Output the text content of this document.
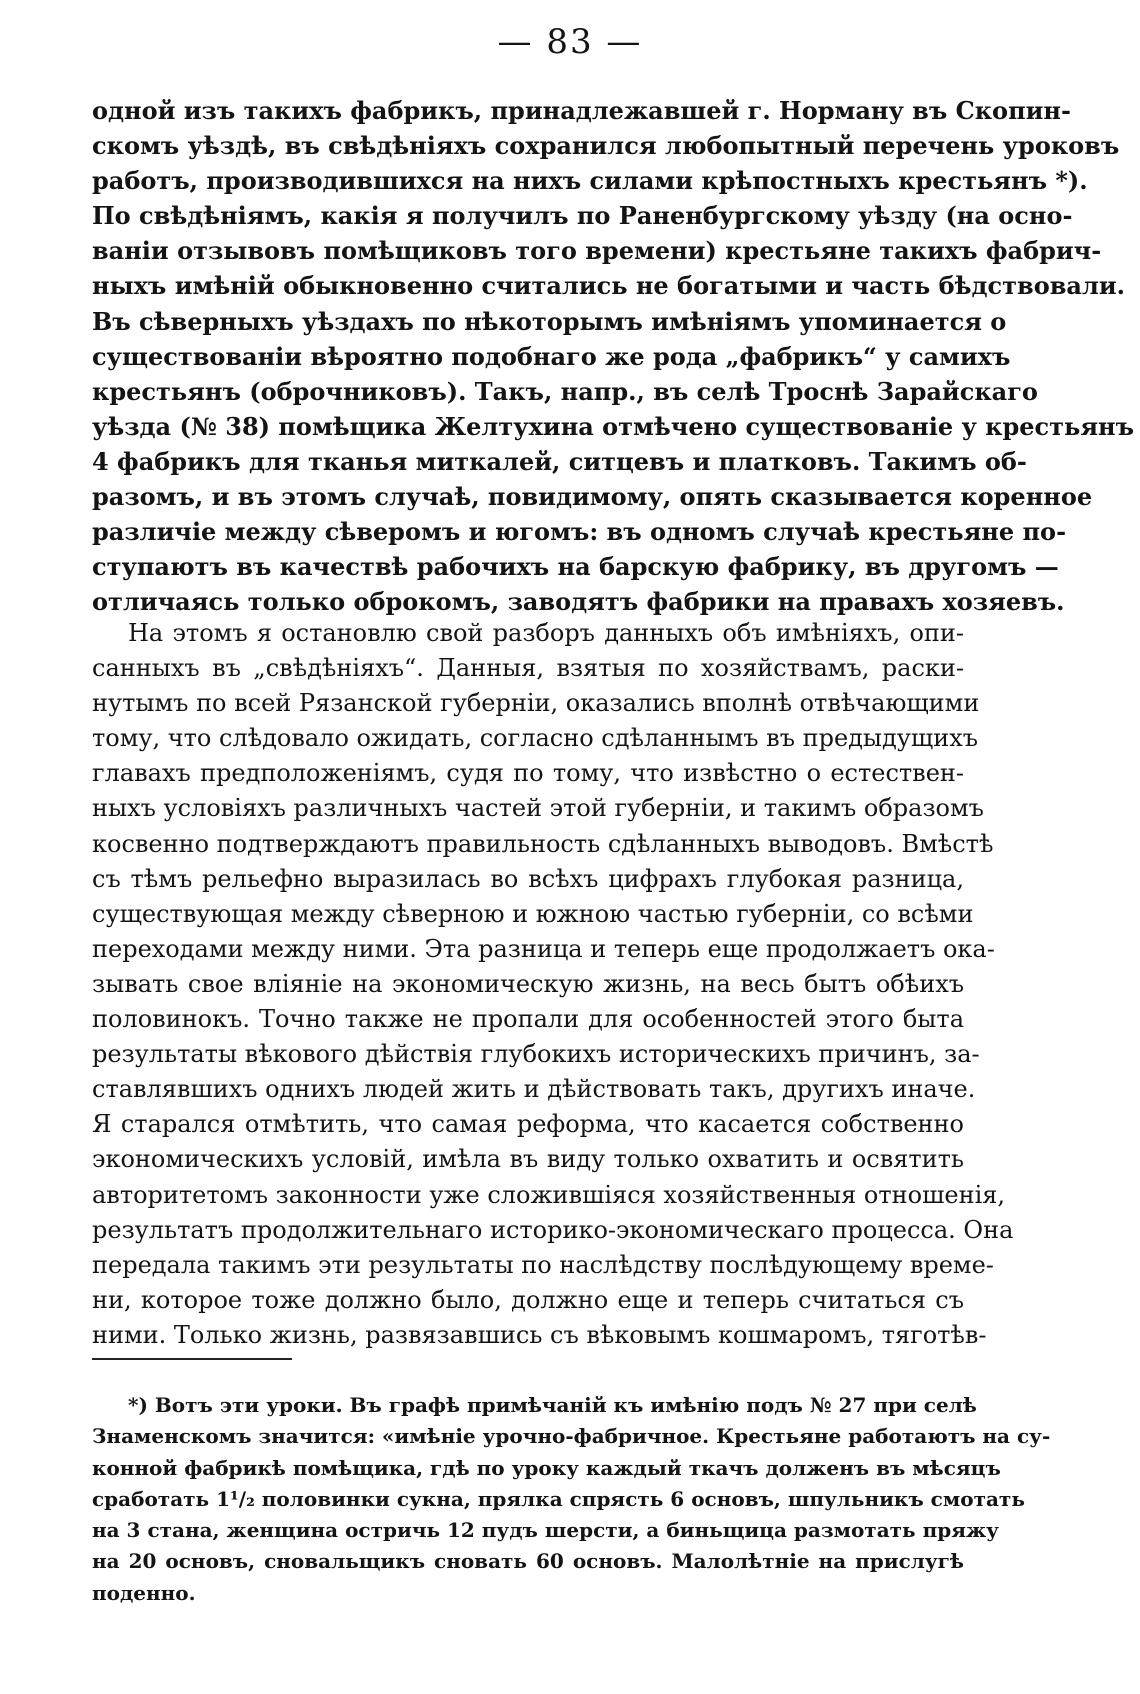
— 83 —
одной изъ такихъ фабрикъ, принадлежавшей г. Норману въ Скопин-
скомъ уѣздѣ, въ свѣдѣніяхъ сохранился любопытный перечень уроковъ
работъ, производившихся на нихъ силами крѣпостныхъ крестьянъ *).
По свѣдѣніямъ, какія я получилъ по Раненбургскому уѣзду (на осно-
ваніи отзывовъ помѣщиковъ того времени) крестьяне такихъ фабрич-
ныхъ имѣній обыкновенно считались не богатыми и часть бѣдствовали.
Въ сѣверныхъ уѣздахъ по нѣкоторымъ имѣніямъ упоминается о
существованіи вѣроятно подобнаго же рода „фабрикъ“ у самихъ
крестьянъ (оброчниковъ). Такъ, напр., въ селѣ Троснѣ Зарайскаго
уѣзда (№ 38) помѣщика Желтухина отмѣчено существованіе у крестьянъ
4 фабрикъ для тканья миткалей, ситцевъ и платковъ. Такимъ об-
разомъ, и въ этомъ случаѣ, повидимому, опять сказывается коренное
различіе между сѣверомъ и югомъ: въ одномъ случаѣ крестьяне по-
ступаютъ въ качествѣ рабочихъ на барскую фабрику, въ другомъ —
отличаясь только оброкомъ, заводятъ фабрики на правахъ хозяевъ.
На этомъ я остановлю свой разборъ данныхъ объ имѣніяхъ, опи-
санныхъ въ „свѣдѣніяхъ“. Данныя, взятыя по хозяйствамъ, раски-
нутымъ по всей Рязанской губерніи, оказались вполнѣ отвѣчающими
тому, что слѣдовало ожидать, согласно сдѣланнымъ въ предыдущихъ
главахъ предположеніямъ, судя по тому, что извѣстно о естествен-
ныхъ условіяхъ различныхъ частей этой губерніи, и такимъ образомъ
косвенно подтверждаютъ правильность сдѣланныхъ выводовъ. Вмѣстѣ
съ тѣмъ рельефно выразилась во всѣхъ цифрахъ глубокая разница,
существующая между сѣверною и южною частью губерніи, со всѣми
переходами между ними. Эта разница и теперь еще продолжаетъ ока-
зывать свое вліяніе на экономическую жизнь, на весь бытъ обѣихъ
половинокъ. Точно также не пропали для особенностей этого быта
результаты вѣкового дѣйствія глубокихъ историческихъ причинъ, за-
ставлявшихъ однихъ людей жить и дѣйствовать такъ, другихъ иначе.
Я старался отмѣтить, что самая реформа, что касается собственно
экономическихъ условій, имѣла въ виду только охватить и освятить
авторитетомъ законности уже сложившіяся хозяйственныя отношенія,
результатъ продолжительнаго историко-экономическаго процесса. Она
передала такимъ эти результаты по наслѣдству послѣдующему време-
ни, которое тоже должно было, должно еще и теперь считаться съ
ними. Только жизнь, развязавшись съ вѣковымъ кошмаромъ, тяготѣв-
*) Вотъ эти уроки. Въ графѣ примѣчаній къ имѣнію подъ № 27 при селѣ
Знаменскомъ значится: «имѣніе урочно-фабричное. Крестьяне работаютъ на су-
конной фабрикѣ помѣщика, гдѣ по уроку каждый ткачъ долженъ въ мѣсяцъ
сработать 1¹/₂ половинки сукна, прялка спрясть 6 основъ, шпульникъ смотать
на 3 стана, женщина остричь 12 пудъ шерсти, а биньщица размотать пряжу
на 20 основъ, сновальщикъ сновать 60 основъ. Малолѣтніе на прислугѣ
поденно.
